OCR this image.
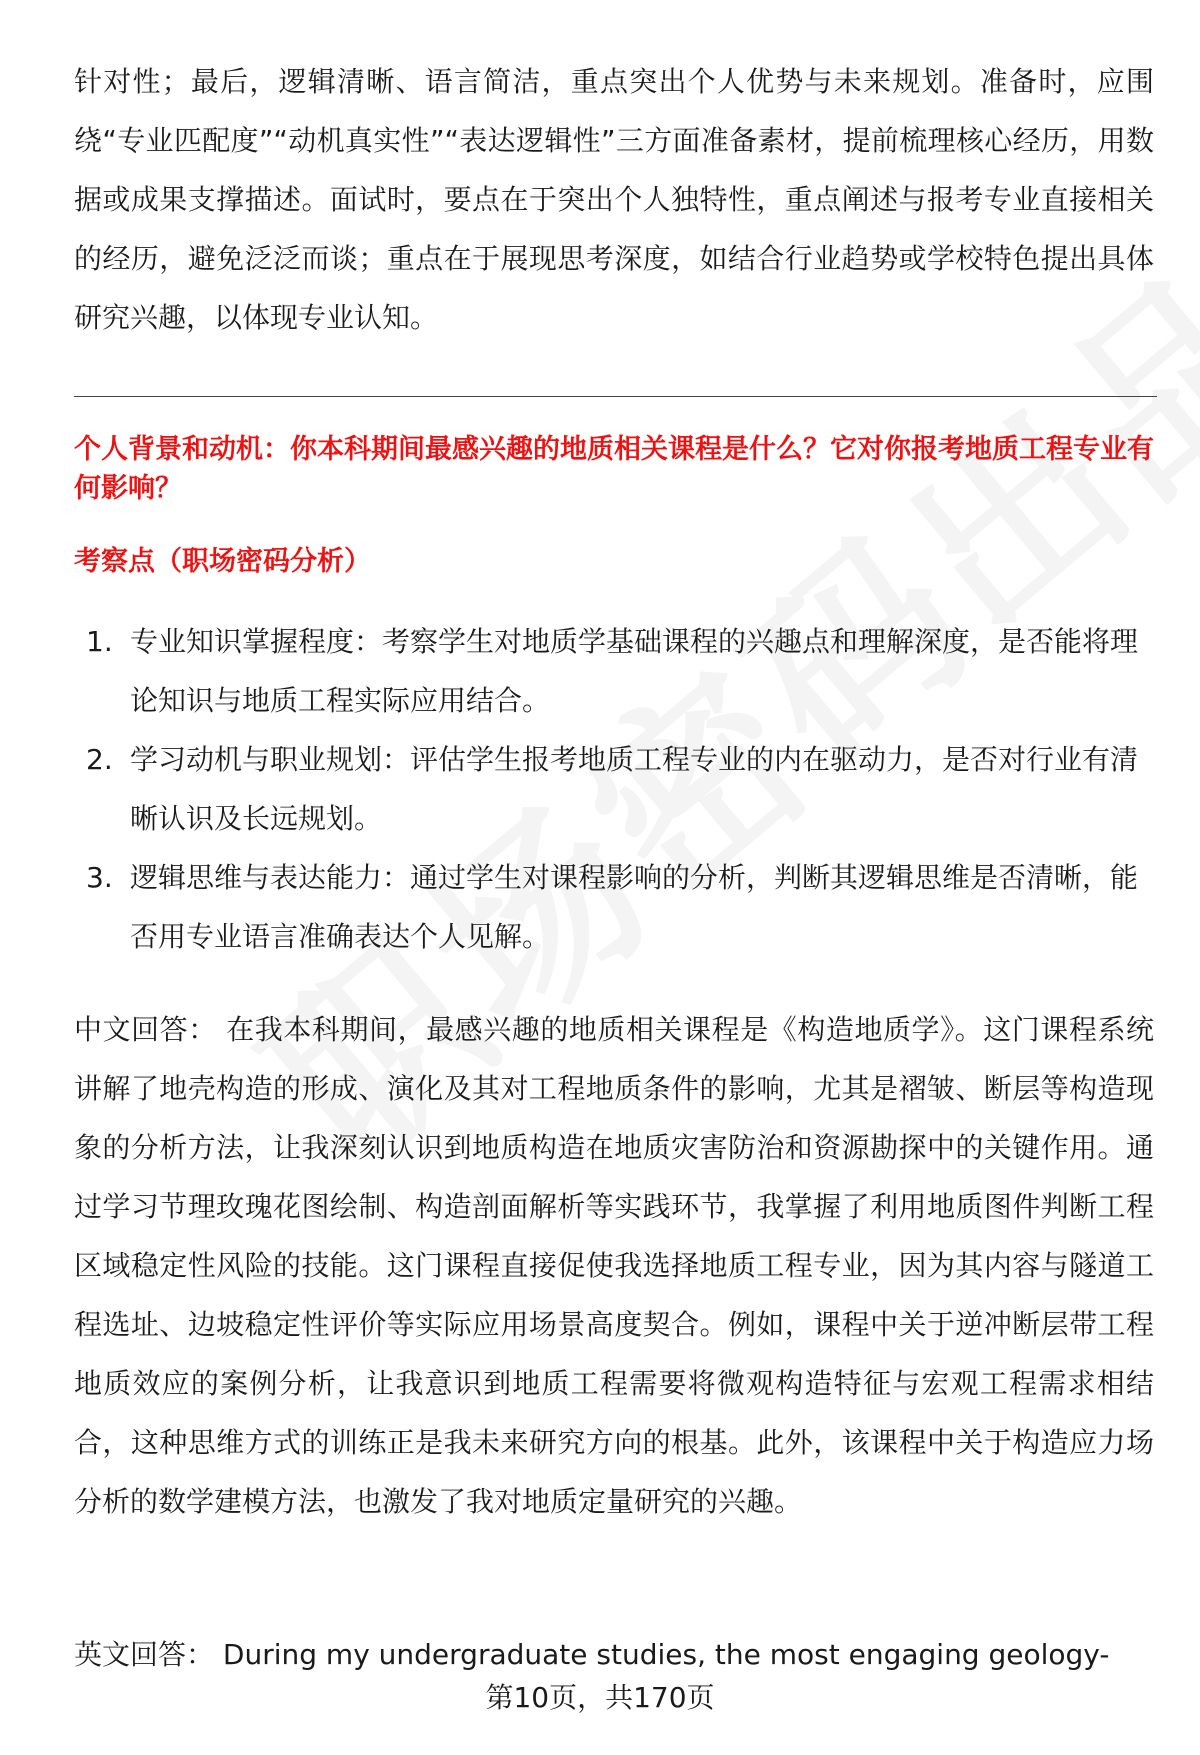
针对性；最后，逻辑清晰、语言简洁，重点突出个人优势与未来规划。准备时，应围绕“专业匹配度”“动机真实性”“表达逻辑性”三方面准备素材，提前梳理核心经历，用数据或成果支撑描述。面试时，要点在于突出个人独特性，重点阐述与报考专业直接相关的经历，避免泛泛而谈；重点在于展现思考深度，如结合行业趋势或学校特色提出具体研究兴趣，以体现专业认知。

个人背景和动机：你本科期间最感兴趣的地质相关课程是什么？它对你报考地质工程专业有何影响？

考察点（职场密码分析）

1. 专业知识掌握程度：考察学生对地质学基础课程的兴趣点和理解深度，是否能将理论知识与地质工程实际应用结合。
2. 学习动机与职业规划：评估学生报考地质工程专业的内在驱动力，是否对行业有清晰认识及长远规划。
3. 逻辑思维与表达能力：通过学生对课程影响的分析，判断其逻辑思维是否清晰，能否用专业语言准确表达个人见解。

中文回答： 在我本科期间，最感兴趣的地质相关课程是《构造地质学》。这门课程系统讲解了地壳构造的形成、演化及其对工程地质条件的影响，尤其是褶皱、断层等构造现象的分析方法，让我深刻认识到地质构造在地质灾害防治和资源勘探中的关键作用。通过学习节理玫瑰花图绘制、构造剖面解析等实践环节，我掌握了利用地质图件判断工程区域稳定性风险的技能。这门课程直接促使我选择地质工程专业，因为其内容与隧道工程选址、边坡稳定性评价等实际应用场景高度契合。例如，课程中关于逆冲断层带工程地质效应的案例分析，让我意识到地质工程需要将微观构造特征与宏观工程需求相结合，这种思维方式的训练正是我未来研究方向的根基。此外，该课程中关于构造应力场分析的数学建模方法，也激发了我对地质定量研究的兴趣。

英文回答： During my undergraduate studies, the most engaging geology-

第10页，共170页
